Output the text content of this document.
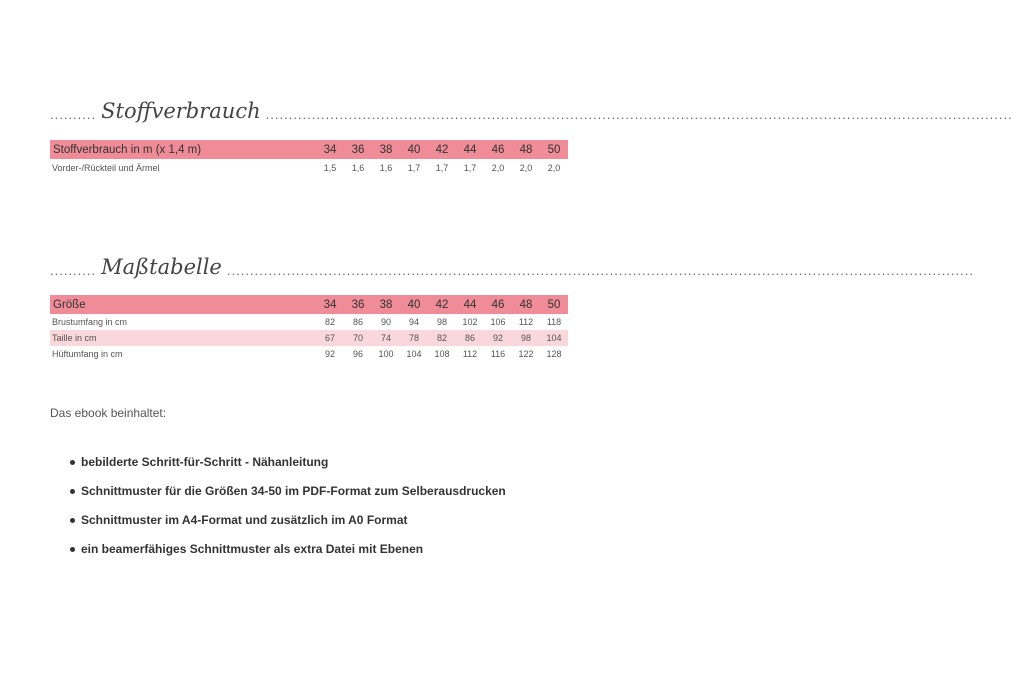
.......... Stoffverbrauch ..................................................................................................................................................................
Stoffverbrauch in m (x 1,4 m)	34	36	38	40	42	44	46	48	50
Vorder-/Rückteil und Ärmel	1,5	1,6	1,6	1,7	1,7	1,7	2,0	2,0	2,0
.......... Maßtabelle ..................................................................................................................................................................
Größe	34	36	38	40	42	44	46	48	50
Brustumfang in cm	82	86	90	94	98	102	106	112	118
Taille in cm	67	70	74	78	82	86	92	98	104
Hüftumfang in cm	92	96	100	104	108	112	116	122	128
Das ebook beinhaltet:
bebilderte Schritt-für-Schritt - Nähanleitung
Schnittmuster für die Größen 34-50 im PDF-Format zum Selberausdrucken
Schnittmuster im A4-Format und zusätzlich im A0 Format
ein beamerfähiges Schnittmuster als extra Datei mit Ebenen
